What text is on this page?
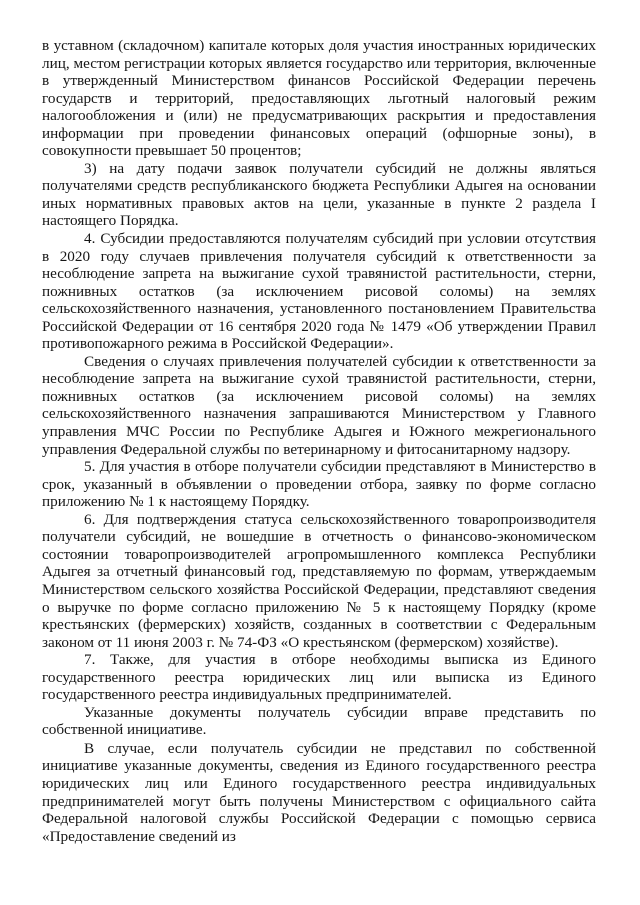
в уставном (складочном) капитале которых доля участия иностранных юридических лиц, местом регистрации которых является государство или территория, включенные в утвержденный Министерством финансов Российской Федерации перечень государств и территорий, предоставляющих льготный налоговый режим налогообложения и (или) не предусматривающих раскрытия и предоставления информации при проведении финансовых операций (офшорные зоны), в совокупности превышает 50 процентов;

3) на дату подачи заявок получатели субсидий не должны являться получателями средств республиканского бюджета Республики Адыгея на основании иных нормативных правовых актов на цели, указанные в пункте 2 раздела I настоящего Порядка.

4. Субсидии предоставляются получателям субсидий при условии отсутствия в 2020 году случаев привлечения получателя субсидий к ответственности за несоблюдение запрета на выжигание сухой травянистой растительности, стерни, пожнивных остатков (за исключением рисовой соломы) на землях сельскохозяйственного назначения, установленного постановлением Правительства Российской Федерации от 16 сентября 2020 года № 1479 «Об утверждении Правил противопожарного режима в Российской Федерации».

Сведения о случаях привлечения получателей субсидии к ответственности за несоблюдение запрета на выжигание сухой травянистой растительности, стерни, пожнивных остатков (за исключением рисовой соломы) на землях сельскохозяйственного назначения запрашиваются Министерством у Главного управления МЧС России по Республике Адыгея и Южного межрегионального управления Федеральной службы по ветеринарному и фитосанитарному надзору.

5. Для участия в отборе получатели субсидии представляют в Министерство в срок, указанный в объявлении о проведении отбора, заявку по форме согласно приложению № 1 к настоящему Порядку.

6. Для подтверждения статуса сельскохозяйственного товаропроизводителя получатели субсидий, не вошедшие в отчетность о финансово-экономическом состоянии товаропроизводителей агропромышленного комплекса Республики Адыгея за отчетный финансовый год, представляемую по формам, утверждаемым Министерством сельского хозяйства Российской Федерации, представляют сведения о выручке по форме согласно приложению № 5 к настоящему Порядку (кроме крестьянских (фермерских) хозяйств, созданных в соответствии с Федеральным законом от 11 июня 2003 г. № 74-ФЗ «О крестьянском (фермерском) хозяйстве).

7. Также, для участия в отборе необходимы выписка из Единого государственного реестра юридических лиц или выписка из Единого государственного реестра индивидуальных предпринимателей.

Указанные документы получатель субсидии вправе представить по собственной инициативе.

В случае, если получатель субсидии не представил по собственной инициативе указанные документы, сведения из Единого государственного реестра юридических лиц или Единого государственного реестра индивидуальных предпринимателей могут быть получены Министерством с официального сайта Федеральной налоговой службы Российской Федерации с помощью сервиса «Предоставление сведений из
